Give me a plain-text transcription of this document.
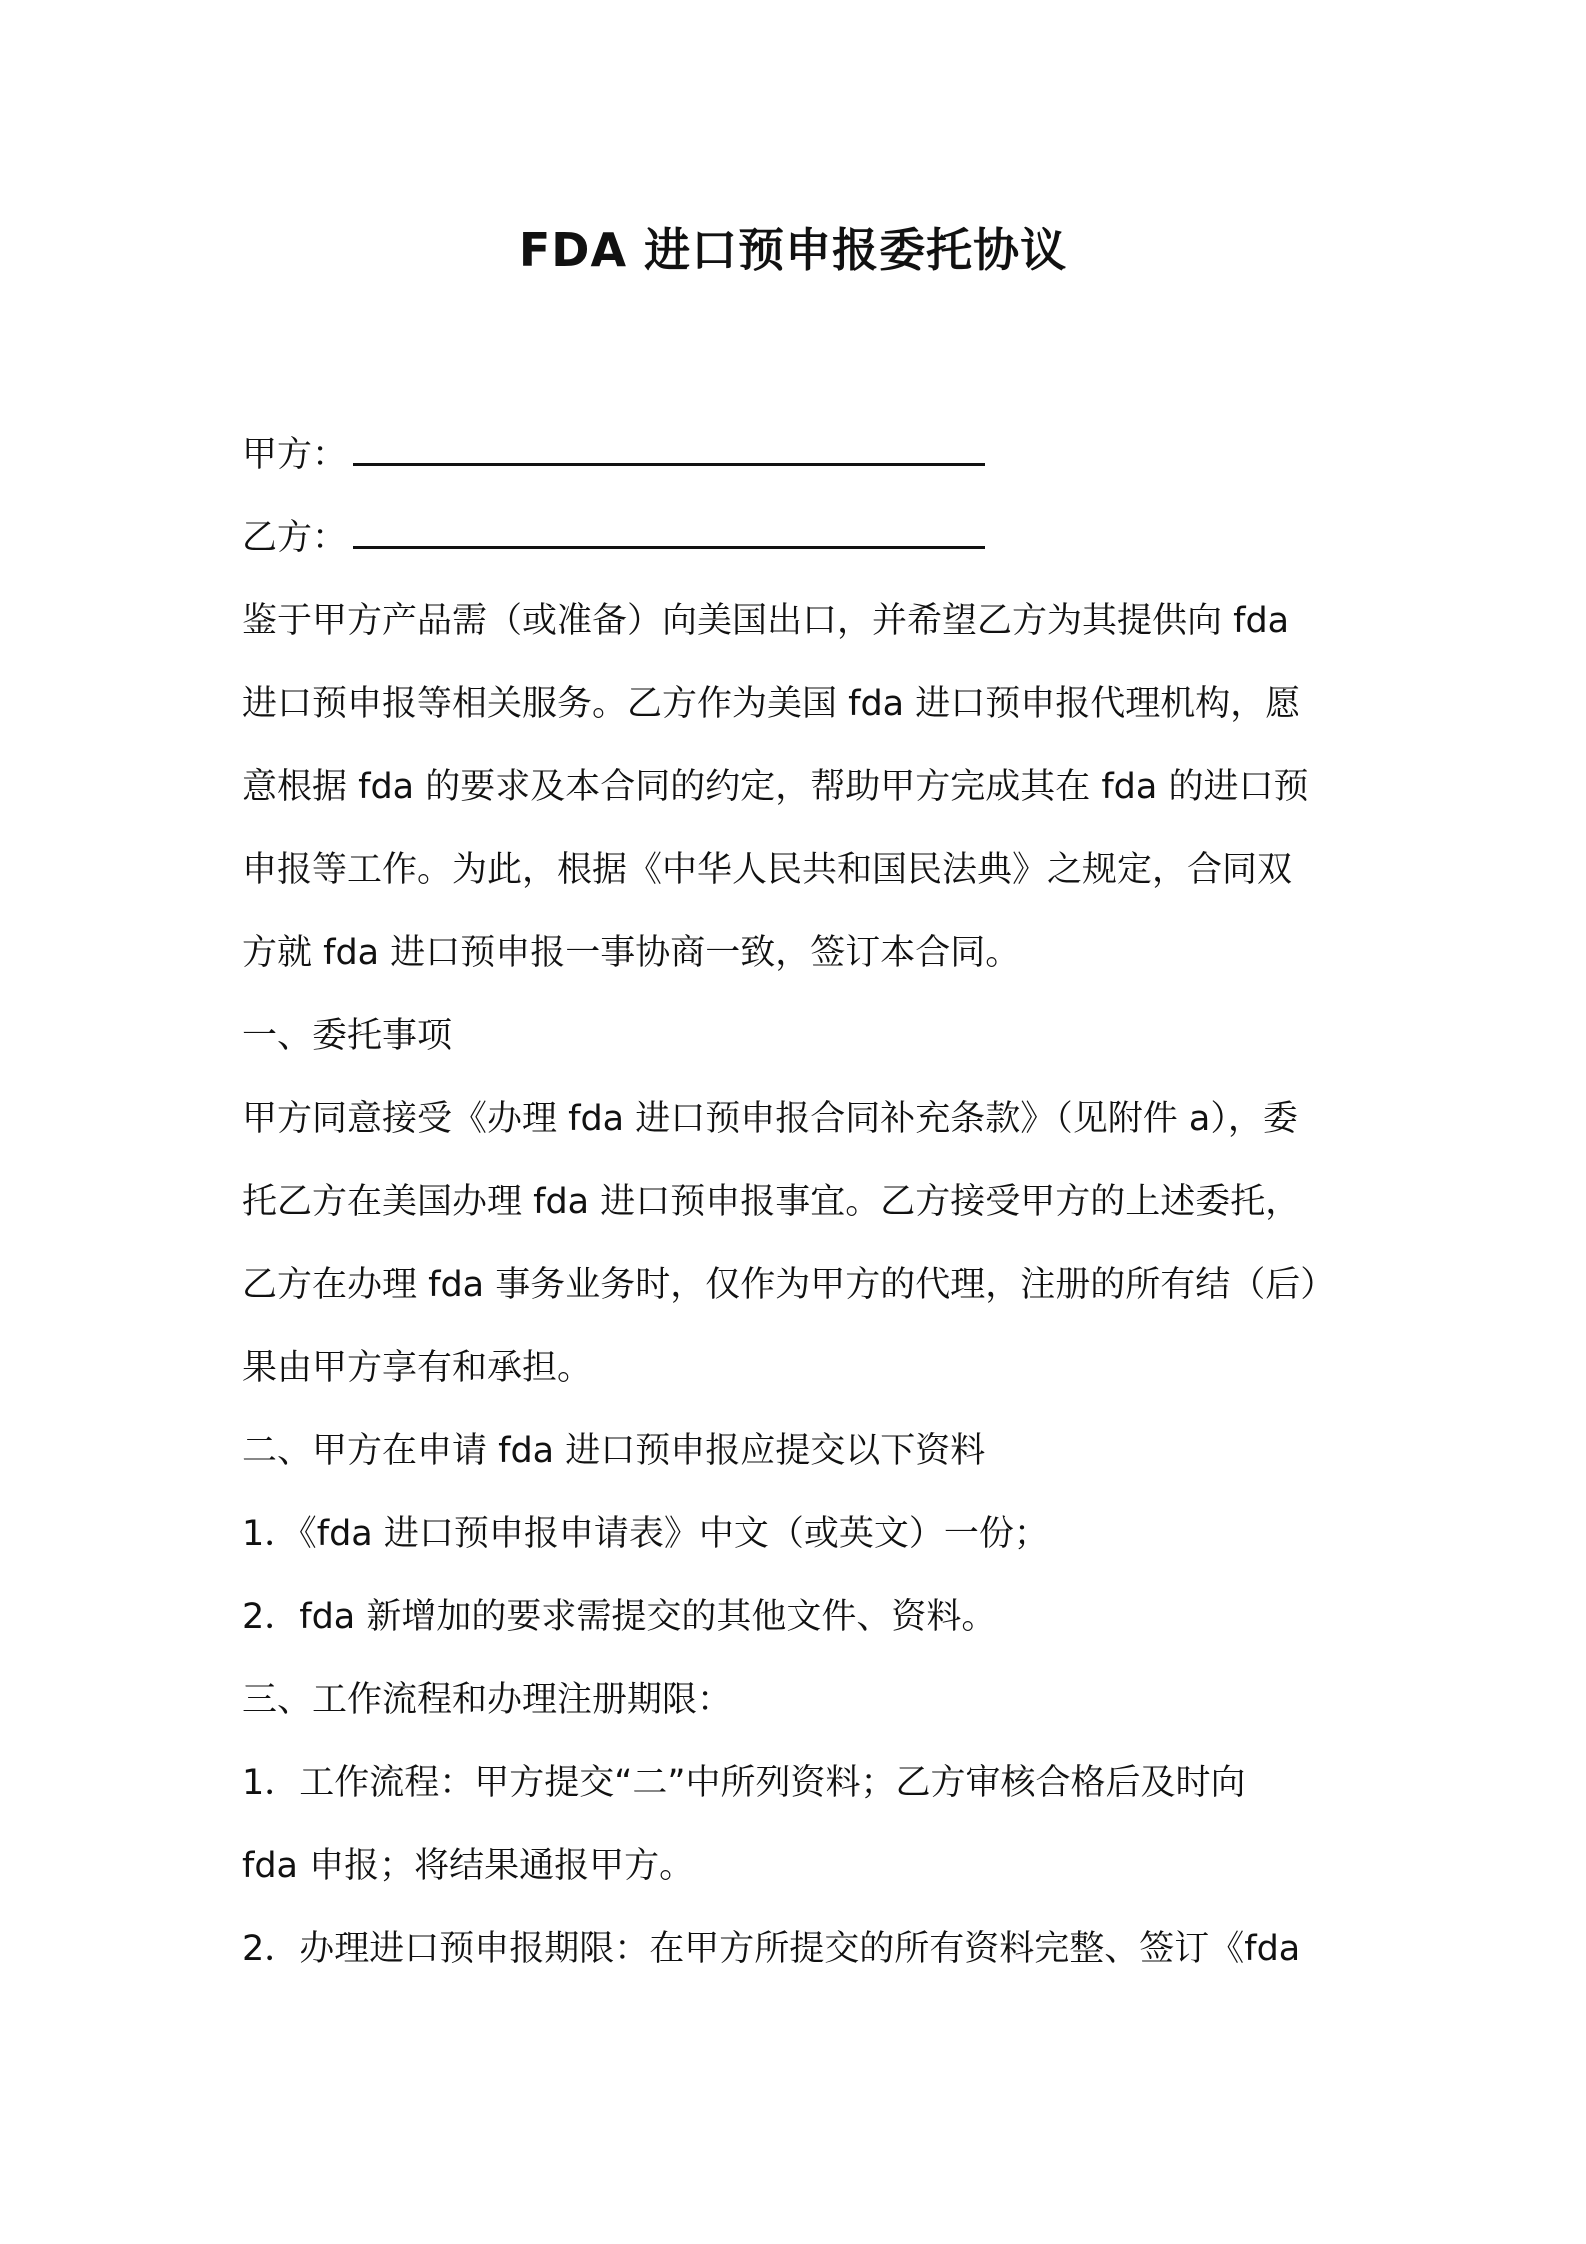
FDA 进口预申报委托协议
甲方：
乙方：
鉴于甲方产品需（或准备）向美国出口，并希望乙方为其提供向 fda
进口预申报等相关服务。乙方作为美国 fda 进口预申报代理机构，愿
意根据 fda 的要求及本合同的约定，帮助甲方完成其在 fda 的进口预
申报等工作。为此，根据《中华人民共和国民法典》之规定，合同双
方就 fda 进口预申报一事协商一致，签订本合同。
一、委托事项
甲方同意接受《办理 fda 进口预申报合同补充条款》（见附件 a），委
托乙方在美国办理 fda 进口预申报事宜。乙方接受甲方的上述委托，
乙方在办理 fda 事务业务时，仅作为甲方的代理，注册的所有结（后）
果由甲方享有和承担。
二、甲方在申请 fda 进口预申报应提交以下资料
1．《fda 进口预申报申请表》中文（或英文）一份；
2．fda 新增加的要求需提交的其他文件、资料。
三、工作流程和办理注册期限：
1．工作流程：甲方提交“二”中所列资料；乙方审核合格后及时向
fda 申报；将结果通报甲方。
2．办理进口预申报期限：在甲方所提交的所有资料完整、签订《fda
